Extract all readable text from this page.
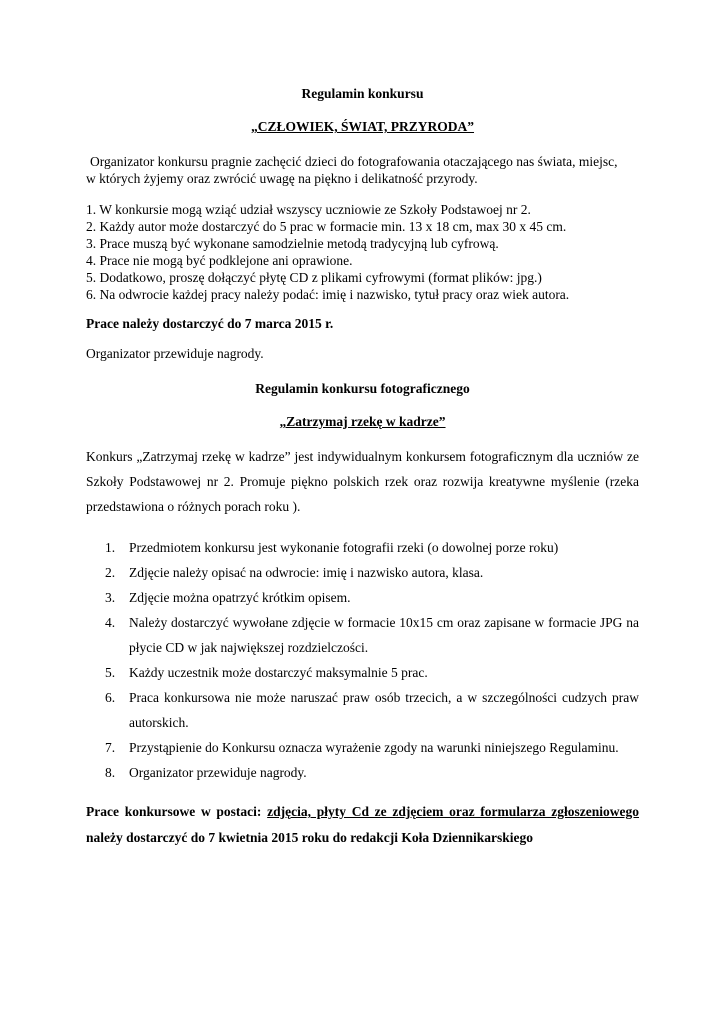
Regulamin konkursu
„CZŁOWIEK, ŚWIAT, PRZYRODA”
Organizator konkursu pragnie zachęcić dzieci do fotografowania otaczającego nas świata, miejsc,
w których żyjemy oraz zwrócić uwagę na piękno i delikatność przyrody.
1. W konkursie mogą wziąć udział wszyscy uczniowie ze Szkoły Podstawoej nr 2.
2. Każdy autor może dostarczyć do 5 prac w formacie min. 13 x 18 cm, max 30 x 45 cm.
3. Prace muszą być wykonane samodzielnie metodą tradycyjną lub cyfrową.
4. Prace nie mogą być podklejone ani oprawione.
5. Dodatkowo, proszę dołączyć płytę CD z plikami cyfrowymi (format plików: jpg.)
6. Na odwrocie każdej pracy należy podać: imię i nazwisko, tytuł pracy oraz wiek autora.
Prace należy dostarczyć do 7 marca 2015 r.
Organizator przewiduje nagrody.
Regulamin konkursu fotograficznego
„Zatrzymaj rzekę w kadrze”
Konkurs „Zatrzymaj rzekę w kadrze” jest indywidualnym konkursem fotograficznym dla uczniów ze Szkoły Podstawowej nr 2. Promuje piękno polskich rzek oraz rozwija kreatywne myślenie (rzeka przedstawiona o różnych porach roku ).
1. Przedmiotem konkursu jest wykonanie fotografii rzeki (o dowolnej porze roku)
2. Zdjęcie należy opisać na odwrocie: imię i nazwisko autora, klasa.
3. Zdjęcie można opatrzyć krótkim opisem.
4. Należy dostarczyć wywołane zdjęcie w formacie 10x15 cm oraz zapisane w formacie JPG na płycie CD w jak największej rozdzielczości.
5. Każdy uczestnik może dostarczyć maksymalnie 5 prac.
6. Praca konkursowa nie może naruszać praw osób trzecich, a w szczególności cudzych praw autorskich.
7. Przystąpienie do Konkursu oznacza wyrażenie zgody na warunki niniejszego Regulaminu.
8. Organizator przewiduje nagrody.
Prace konkursowe w postaci: zdjęcia, płyty Cd ze zdjęciem oraz formularza zgłoszeniowego należy dostarczyć do 7 kwietnia 2015 roku do redakcji Koła Dziennikarskiego
